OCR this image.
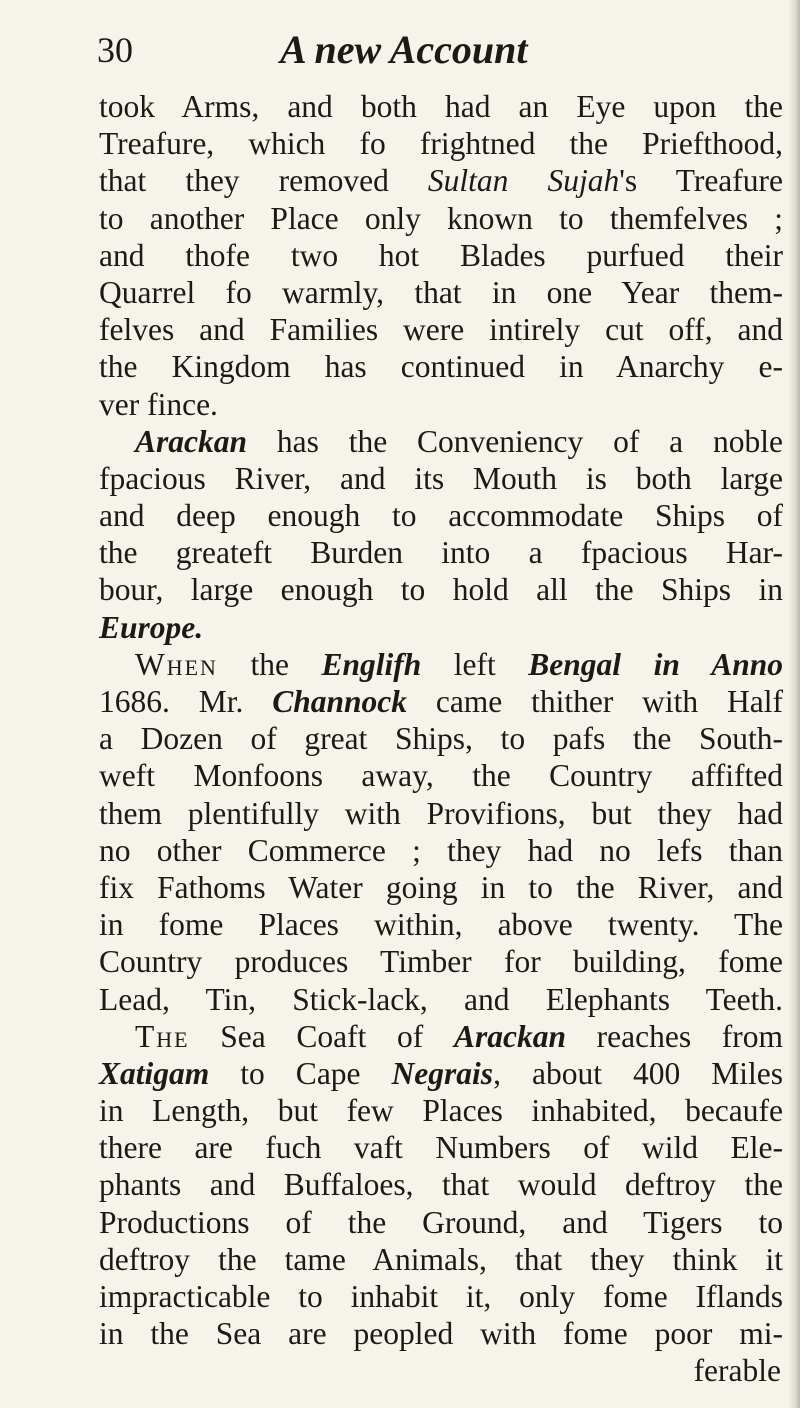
30	A new Account
took Arms, and both had an Eye upon the
Treafure, which fo frightned the Priefthood,
that they removed Sultan Sujah's Treafure
to another Place only known to themfelves ;
and thofe two hot Blades purfued their
Quarrel fo warmly, that in one Year them-
felves and Families were intirely cut off, and
the Kingdom has continued in Anarchy e-
ver fince.
Arackan has the Conveniency of a noble
fpacious River, and its Mouth is both large
and deep enough to accommodate Ships of
the greateft Burden into a fpacious Har-
bour, large enough to hold all the Ships in
Europe.
When the Englifh left Bengal in Anno
1686. Mr. Channock came thither with Half
a Dozen of great Ships, to pafs the South-
weft Monfoons away, the Country affifted
them plentifully with Provifions, but they had
no other Commerce ; they had no lefs than
fix Fathoms Water going in to the River, and
in fome Places within, above twenty. The
Country produces Timber for building, fome
Lead, Tin, Stick-lack, and Elephants Teeth.
The Sea Coaft of Arackan reaches from
Xatigam to Cape Negrais, about 400 Miles
in Length, but few Places inhabited, becaufe
there are fuch vaft Numbers of wild Ele-
phants and Buffaloes, that would deftroy the
Productions of the Ground, and Tigers to
deftroy the tame Animals, that they think it
impracticable to inhabit it, only fome Iflands
in the Sea are peopled with fome poor mi-
ferable
